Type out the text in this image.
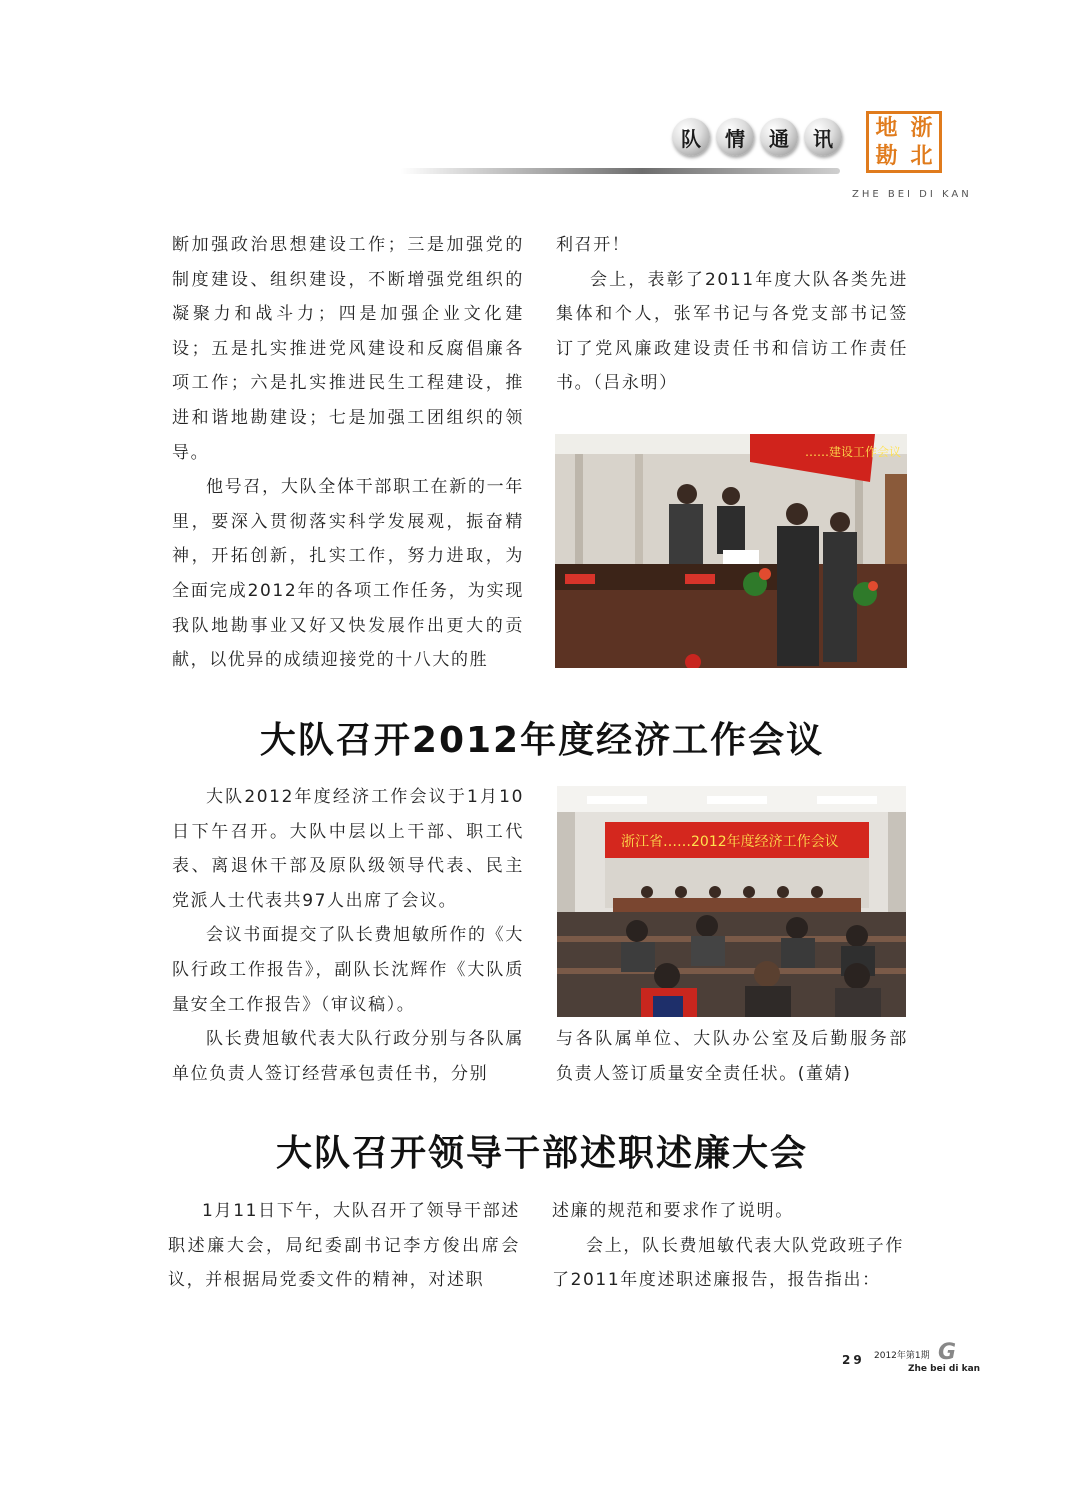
队	情	通	讯	地 浙
勘 北
ZHE BEI DI KAN

断加强政治思想建设工作；三是加强党的制度建设、组织建设，不断增强党组织的凝聚力和战斗力；四是加强企业文化建设；五是扎实推进党风建设和反腐倡廉各项工作；六是扎实推进民生工程建设，推进和谐地勘建设；七是加强工团组织的领导。

他号召，大队全体干部职工在新的一年里，要深入贯彻落实科学发展观，振奋精神，开拓创新，扎实工作，努力进取，为全面完成2012年的各项工作任务，为实现我队地勘事业又好又快发展作出更大的贡献，以优异的成绩迎接党的十八大的胜

利召开！

会上，表彰了2011年度大队各类先进集体和个人，张军书记与各党支部书记签订了党风廉政建设责任书和信访工作责任书。（吕永明）

……建设工作会议
大队召开2012年度经济工作会议

大队2012年度经济工作会议于1月10日下午召开。大队中层以上干部、职工代表、离退休干部及原队级领导代表、民主党派人士代表共97人出席了会议。

会议书面提交了队长费旭敏所作的《大队行政工作报告》，副队长沈辉作《大队质量安全工作报告》（审议稿）。

队长费旭敏代表大队行政分别与各队属单位负责人签订经营承包责任书，分别

浙江省……2012年度经济工作会议

与各队属单位、大队办公室及后勤服务部负责人签订质量安全责任状。(董婧)

大队召开领导干部述职述廉大会

1月11日下午，大队召开了领导干部述职述廉大会，局纪委副书记李方俊出席会议，并根据局党委文件的精神，对述职

述廉的规范和要求作了说明。

会上，队长费旭敏代表大队党政班子作了2011年度述职述廉报告，报告指出：

29 2012年第1期 G
Zhe bei di kan
